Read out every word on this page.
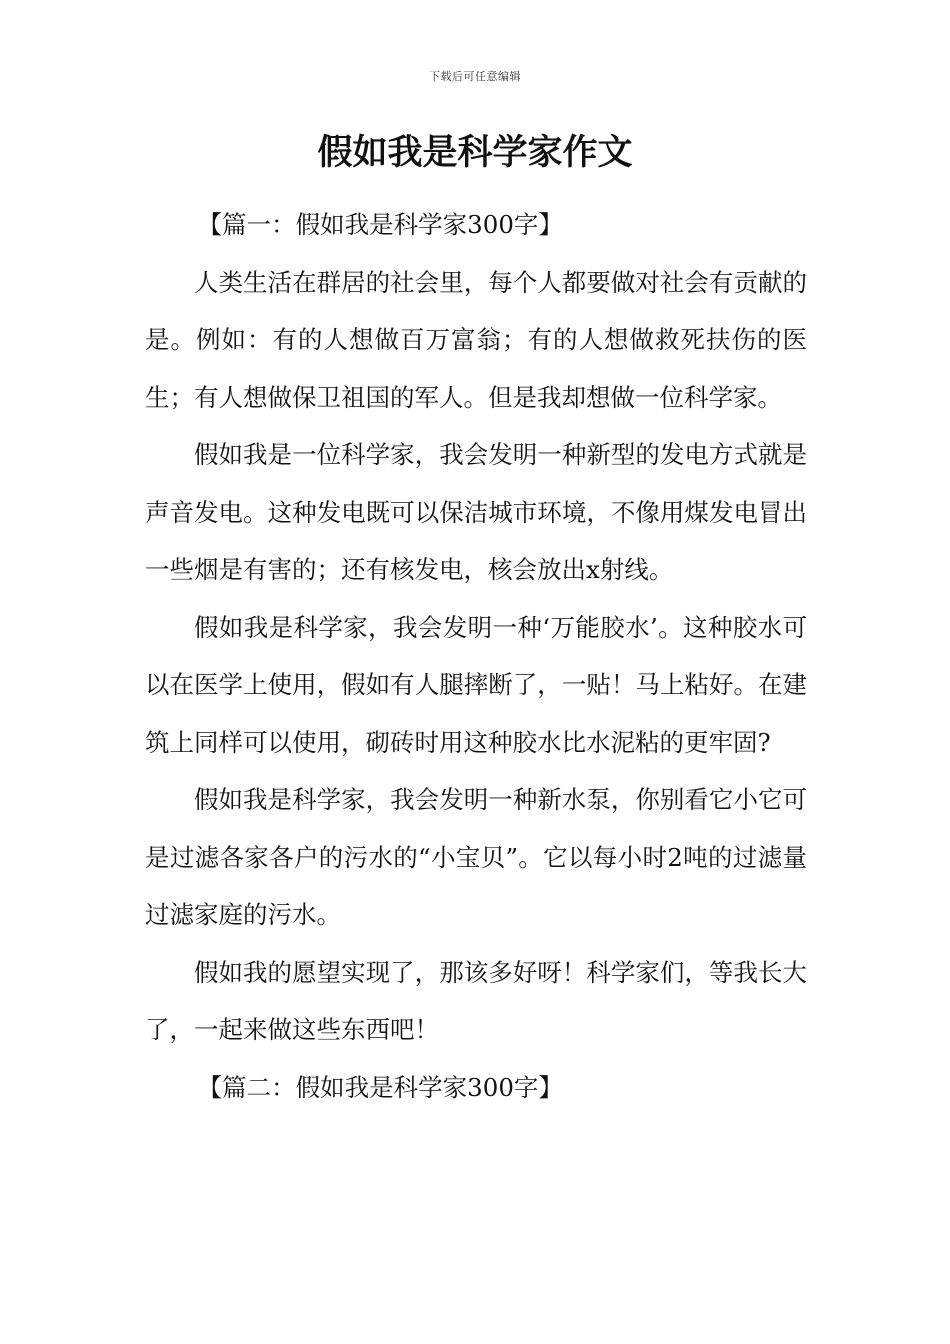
下载后可任意编辑
假如我是科学家作文

【篇一：假如我是科学家300字】

人类生活在群居的社会里，每个人都要做对社会有贡献的是。例如：有的人想做百万富翁；有的人想做救死扶伤的医生；有人想做保卫祖国的军人。但是我却想做一位科学家。

假如我是一位科学家，我会发明一种新型的发电方式就是声音发电。这种发电既可以保洁城市环境，不像用煤发电冒出一些烟是有害的；还有核发电，核会放出x射线。

假如我是科学家，我会发明一种‘万能胶水’。这种胶水可以在医学上使用，假如有人腿摔断了，一贴！马上粘好。在建筑上同样可以使用，砌砖时用这种胶水比水泥粘的更牢固?

假如我是科学家，我会发明一种新水泵，你别看它小它可是过滤各家各户的污水的“小宝贝”。它以每小时2吨的过滤量过滤家庭的污水。

假如我的愿望实现了，那该多好呀！科学家们，等我长大了，一起来做这些东西吧！

【篇二：假如我是科学家300字】
